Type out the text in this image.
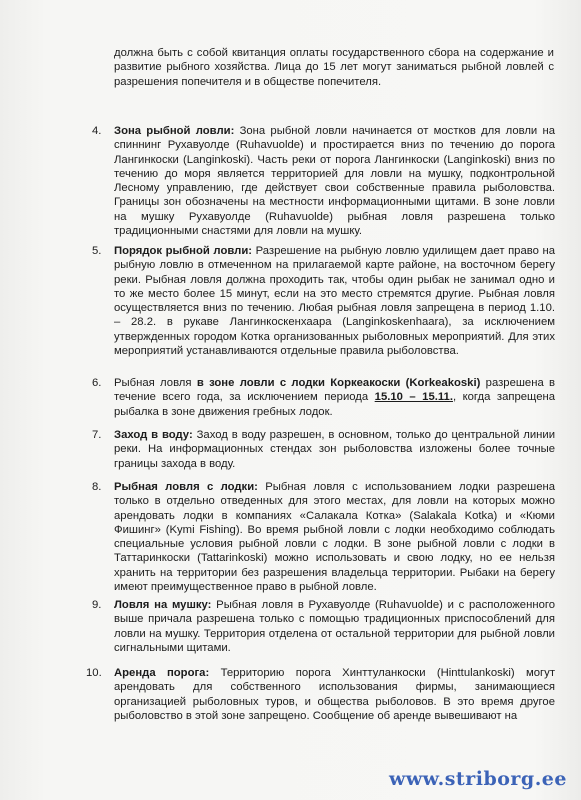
должна быть с собой квитанция оплаты государственного сбора на содержание и развитие рыбного хозяйства. Лица до 15 лет могут заниматься рыбной ловлей с разрешения попечителя и в обществе попечителя.
4.	Зона рыбной ловли: Зона рыбной ловли начинается от мостков для ловли на спиннинг Рухавуолде (Ruhavuolde) и простирается вниз по течению до порога Лангинкоски (Langinkoski). Часть реки от порога Лангинкоски (Langinkoski) вниз по течению до моря является территорией для ловли на мушку, подконтрольной Лесному управлению, где действует свои собственные правила рыболовства. Границы зон обозначены на местности информационными щитами. В зоне ловли на мушку Рухавуолде (Ruhavuolde) рыбная ловля разрешена только традиционными снастями для ловли на мушку.
5.	Порядок рыбной ловли: Разрешение на рыбную ловлю удилищем дает право на рыбную ловлю в отмеченном на прилагаемой карте районе, на восточном берегу реки. Рыбная ловля должна проходить так, чтобы один рыбак не занимал одно и то же место более 15 минут, если на это место стремятся другие. Рыбная ловля осуществляется вниз по течению. Любая рыбная ловля запрещена в период 1.10. – 28.2. в рукаве Лангинкоскенхаара (Langinkoskenhaara), за исключением утвержденных городом Котка организованных рыболовных мероприятий. Для этих мероприятий устанавливаются отдельные правила рыболовства.
6.	Рыбная ловля в зоне ловли с лодки Коркеакоски (Korkeakoski) разрешена в течение всего года, за исключением периода 15.10 – 15.11., когда запрещена рыбалка в зоне движения гребных лодок.
7.	Заход в воду: Заход в воду разрешен, в основном, только до центральной линии реки. На информационных стендах зон рыболовства изложены более точные границы захода в воду.
8.	Рыбная ловля с лодки: Рыбная ловля с использованием лодки разрешена только в отдельно отведенных для этого местах, для ловли на которых можно арендовать лодки в компаниях «Салакала Котка» (Salakala Kotka) и «Кюми Фишинг» (Kymi Fishing). Во время рыбной ловли с лодки необходимо соблюдать специальные условия рыбной ловли с лодки. В зоне рыбной ловли с лодки в Таттаринкоски (Tattarinkoski) можно использовать и свою лодку, но ее нельзя хранить на территории без разрешения владельца территории. Рыбаки на берегу имеют преимущественное право в рыбной ловле.
9.	Ловля на мушку: Рыбная ловля в Рухавуолде (Ruhavuolde) и с расположенного выше причала разрешена только с помощью традиционных приспособлений для ловли на мушку. Территория отделена от остальной территории для рыбной ловли сигнальными щитами.
10.	Аренда порога: Территорию порога Хинттуланкоски (Hinttulankoski) могут арендовать для собственного использования фирмы, занимающиеся организацией рыболовных туров, и общества рыболовов. В это время другое рыболовство в этой зоне запрещено. Сообщение об аренде вывешивают на
www.striborg.ee
